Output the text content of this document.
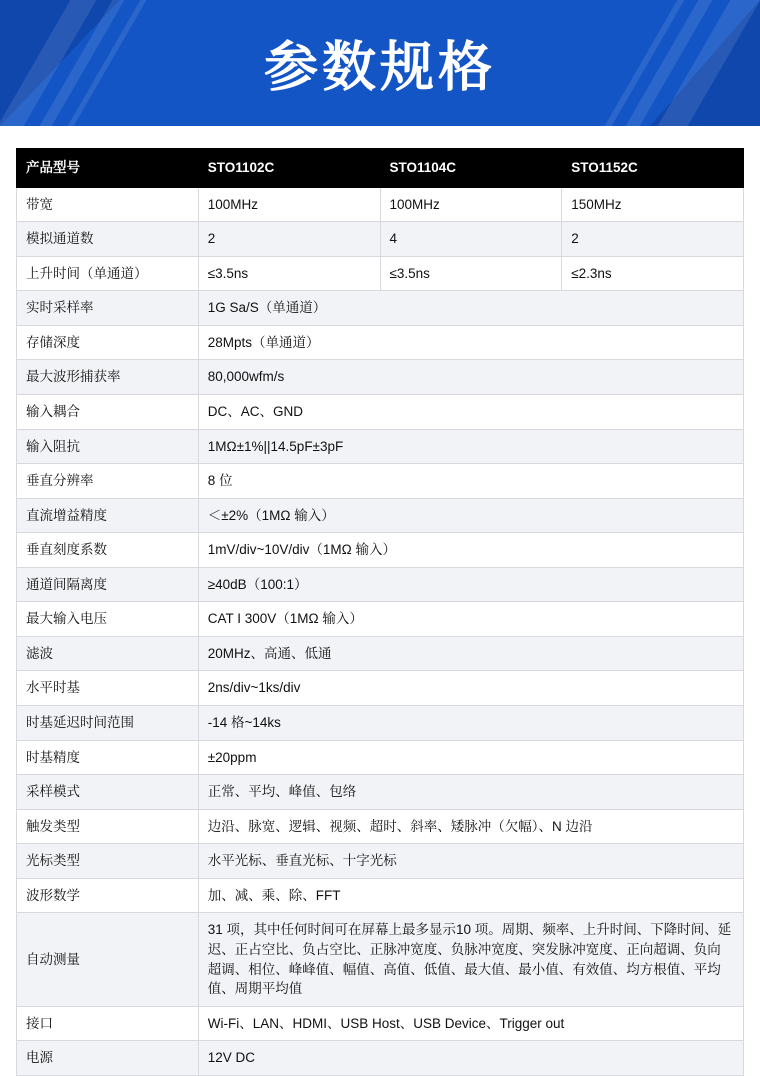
参数规格
产品型号	STO1102C	STO1104C	STO1152C
带宽	100MHz	100MHz	150MHz
模拟通道数	2	4	2
上升时间（单通道）	≤3.5ns	≤3.5ns	≤2.3ns
实时采样率	1G Sa/S（单通道）		
存储深度	28Mpts（单通道）		
最大波形捕获率	80,000wfm/s		
输入耦合	DC、AC、GND		
输入阻抗	1MΩ±1%||14.5pF±3pF		
垂直分辨率	8 位		
直流增益精度	＜±2%（1MΩ 输入）		
垂直刻度系数	1mV/div~10V/div（1MΩ 输入）		
通道间隔离度	≥40dB（100:1）		
最大输入电压	CAT I 300V（1MΩ 输入）		
滤波	20MHz、高通、低通		
水平时基	2ns/div~1ks/div		
时基延迟时间范围	-14 格~14ks		
时基精度	±20ppm		
采样模式	正常、平均、峰值、包络		
触发类型	边沿、脉宽、逻辑、视频、超时、斜率、矮脉冲（欠幅）、N 边沿		
光标类型	水平光标、垂直光标、十字光标		
波形数学	加、减、乘、除、FFT		
自动测量	31 项，其中任何时间可在屏幕上最多显示10 项。周期、频率、上升时间、下降时间、延迟、正占空比、负占空比、正脉冲宽度、负脉冲宽度、突发脉冲宽度、正向超调、负向超调、相位、峰峰值、幅值、高值、低值、最大值、最小值、有效值、均方根值、平均值、周期平均值		
接口	Wi-Fi、LAN、HDMI、USB Host、USB Device、Trigger out		
电源	12V DC		
